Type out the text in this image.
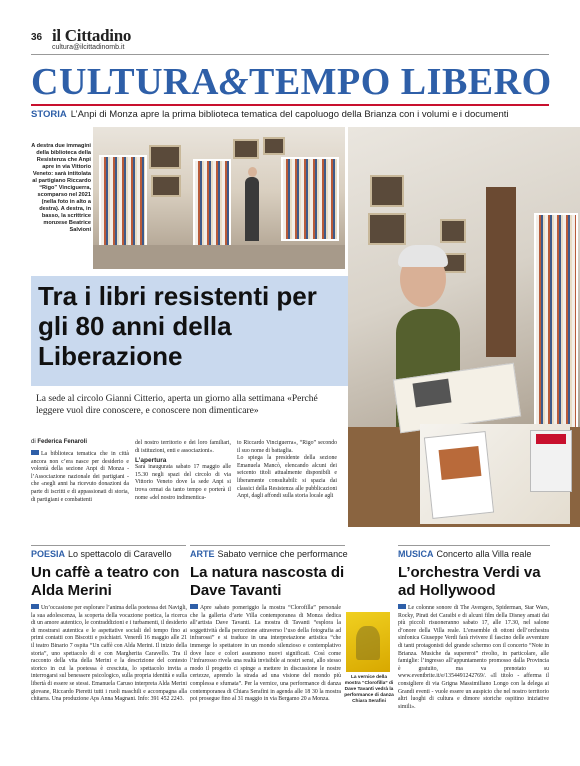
36 il Cittadino
cultura@ilcittadinomb.it
CULTURA&TEMPO LIBERO
STORIA L’Anpi di Monza apre la prima biblioteca tematica del capoluogo della Brianza con i volumi e i documenti
A destra due immagini della biblioteca della Resistenza che Anpi apre in via Vittorio Veneto: sarà intitolata al partigiano Riccardo “Rigo” Vinciguerra, scomparso nel 2021 (nella foto in alto a destra). A destra, in basso, la scrittrice monzese Beatrice Salvioni
Tra i libri resistenti per gli 80 anni della Liberazione
La sede al circolo Gianni Citterio, aperta un giorno alla settimana «Perché leggere vuol dire conoscere, e conoscere non dimenticare»
di Federica Fenaroli

La biblioteca tematica che in città ancora non c’era nasce per desiderio e volontà della sezione Anpi di Monza - l’Associazione nazionale dei partigiani - che «negli anni ha ricevuto donazioni da parte di iscritti e di appassionati di storia, di partigiani e combattenti

del nostro territorio e dei loro familiari, di istituzioni, enti e associazioni».

L’apertura

Sarà inaugurata sabato 17 maggio alle 15.30 negli spazi del circolo di via Vittorio Veneto dove la sede Anpi si trova ormai da tanto tempo e porterà il nome «del nostro indimentica-

to Riccardo Vinciguerra», “Rigo” secondo il suo nome di battaglia.

Lo spiega la presidente della sezione Emanuela Mancò, elencando alcuni dei seicento titoli attualmente disponibili e liberamente consultabili: si spazia dai classici della Resistenza alle pubblicazioni Anpi, dagli affondi sulla storia locale agli

POESIA Lo spettacolo di Caravello
Un caffè a teatro con Alda Merini

Un’occasione per esplorare l’anima della poetessa dei Navigli, la sua adolescenza, la scoperta della vocazione poetica, la ricerca di un amore autentico, le contraddizioni e i turbamenti, il desiderio di mostrarsi autentica e le aspettative sociali del tempo fino ai primi contatti con Biscotti e psichiatri. Venerdì 16 maggio alle 21 il teatro Binario 7 ospita “Un caffè con Alda Merini. Il inizio della storia”, uno spettacolo di e con Margherita Caravello. Tra il racconto della vita della Merini e la descrizione del contesto storico in cui la poetessa è cresciuta, lo spettacolo invita a interrogarsi sul benessere psicologico, sulla propria identità e sulla libertà di essere se stessi. Emanuela Caruso interpreta Alda Merini giovane, Riccardo Pieretti tutti i ruoli maschili e accompagna alla chitarra. Una produzione Aps Anna Magnani. Info: 391 452 2243.

ARTE Sabato vernice che performance
La natura nascosta di Dave Tavanti

Apre sabato pomeriggio la mostra “Clorofilla” personale che la galleria d’arte Villa contemporanea di Monza dedica all’artista Dave Tavanti. La mostra di Tavanti “esplora la soggettività della percezione attraverso l’uso della fotografia ad infrarossi” e si traduce in una interpretazione artistica “che immerge lo spettatore in un mondo silenzioso e contemplativo dove luce e colori assumono nuovi significati. Così come l’infrarosso rivela una realtà invisibile ai nostri sensi, allo stesso modo il progetto ci spinge a mettere in discussione le nostre certezze, aprendo la strada ad una visione del mondo più complessa e sfumata”. Per la vernice, una performance di danza contemporanea di Chiara Serafini in agenda alle 18 30 la mostra poi prosegue fino al 31 maggio in via Bergamo 20 a Monza.

La vernice della mostra “Clorofilla” di Dave Tavanti vedrà la performance di danza Chiara Serafini
MUSICA Concerto alla Villa reale
L’orchestra Verdi va ad Hollywood

Le colonne sonore di The Avengers, Spiderman, Star Wars, Rocky, Pirati dei Caraibi e di alcuni film della Disney amati dai più piccoli risuoneranno sabato 17, alle 17.30, nel salone d’onore della Villa reale. L’ensemble di ottoni dell’orchestra sinfonica Giuseppe Verdi farà rivivere il fascino delle avventure di tanti protagonisti del grande schermo con il concerto “Note in Brianza. Musiche da supereroi” rivolto, in particolare, alle famiglie: l’ingresso all’appuntamento promosso dalla Provincia è gratuito, ma va prenotato su www.eventbrite.it/e/1354491242769/. «Il titolo - afferma il consigliere di via Grigna Massimiliano Longo con la delega ai Grandi eventi - vuole essere un auspicio che nel nostro territorio altri luoghi di cultura e dimore storiche ospitino iniziative simili».
